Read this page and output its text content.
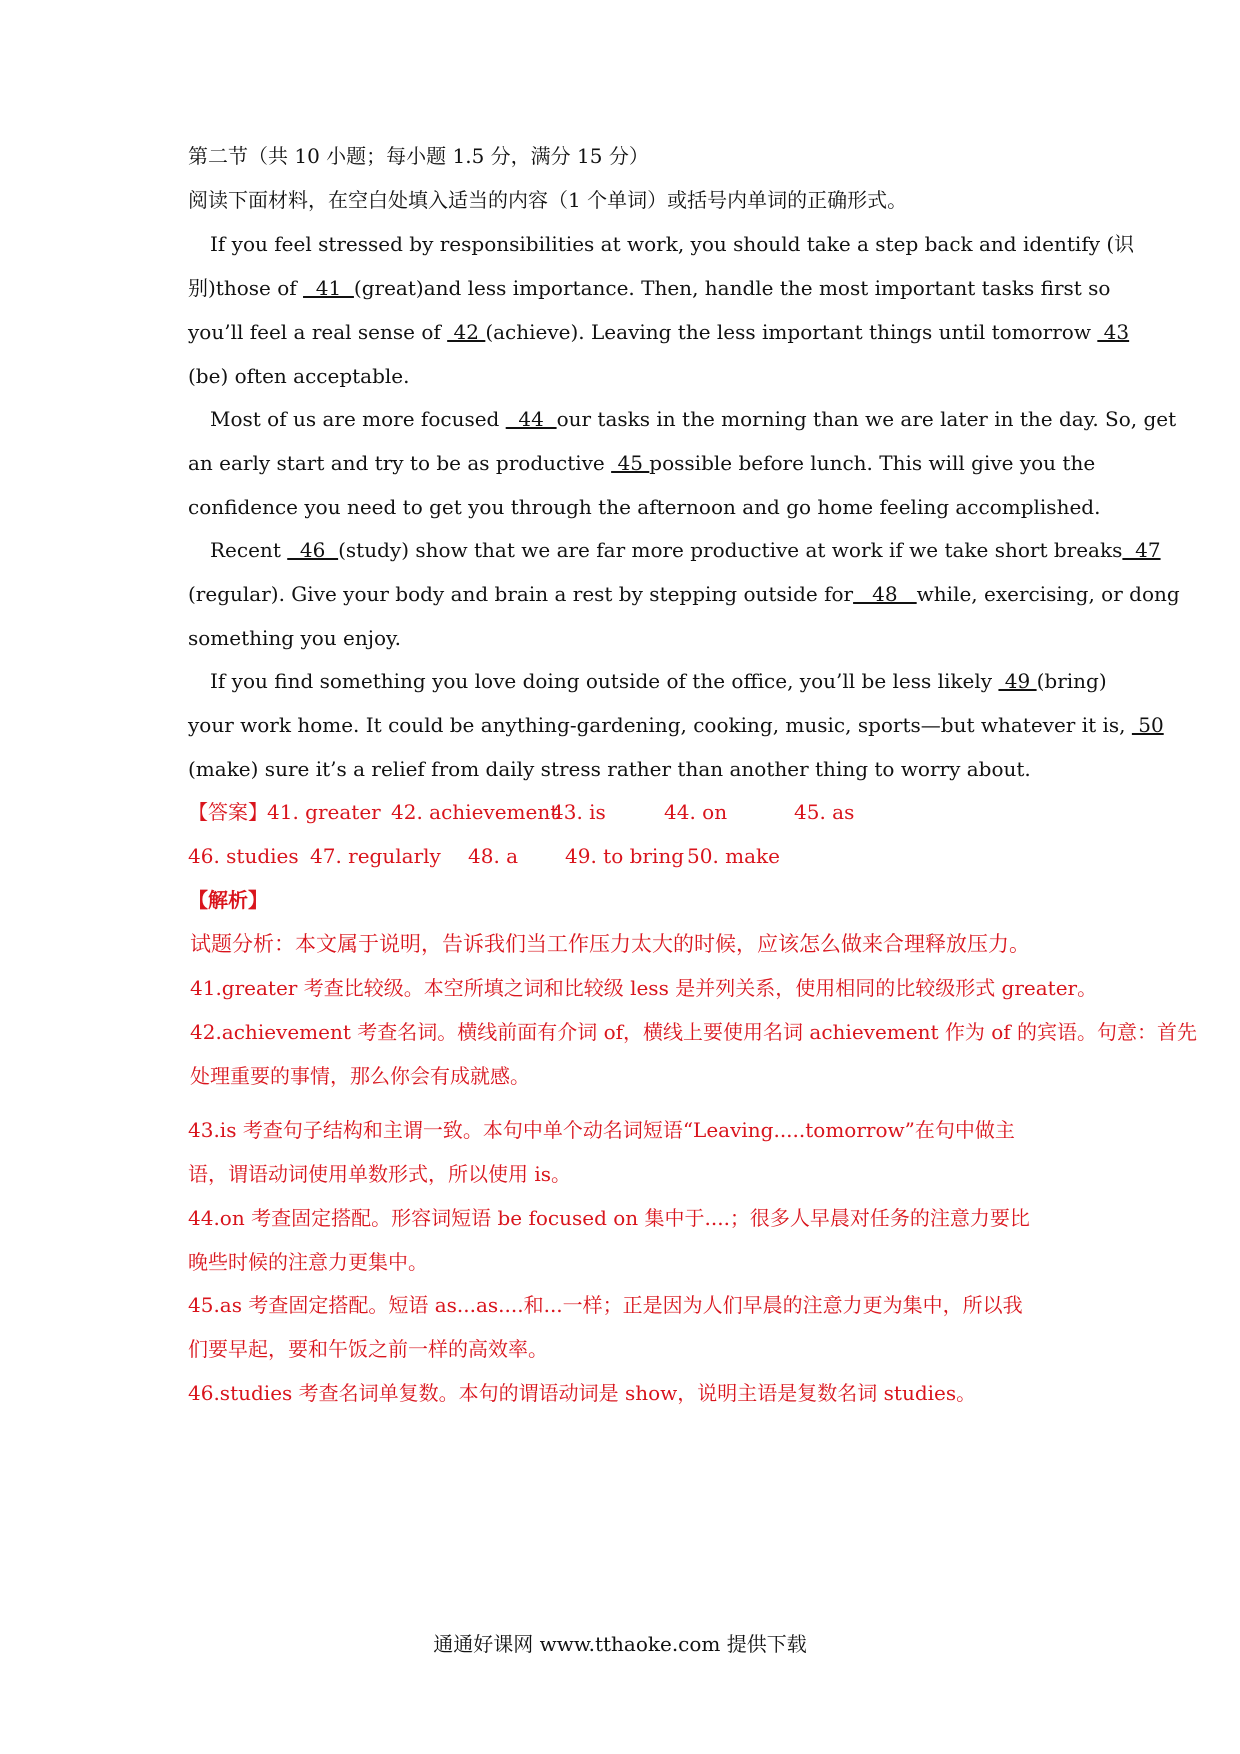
第二节（共 10 小题；每小题 1.5 分，满分 15 分）
阅读下面材料，在空白处填入适当的内容（1 个单词）或括号内单词的正确形式。
If you feel stressed by responsibilities at work, you should take a step back and identify (识
别)those of   41  (great)and less importance. Then, handle the most important tasks first so
you’ll feel a real sense of  42 (achieve). Leaving the less important things until tomorrow  43
(be) often acceptable.
Most of us are more focused   44  our tasks in the morning than we are later in the day. So, get
an early start and try to be as productive  45 possible before lunch. This will give you the
confidence you need to get you through the afternoon and go home feeling accomplished.
Recent   46  (study) show that we are far more productive at work if we take short breaks  47
(regular). Give your body and brain a rest by stepping outside for   48   while, exercising, or dong
something you enjoy.
If you find something you love doing outside of the office, you’ll be less likely  49 (bring)
your work home. It could be anything-gardening, cooking, music, sports—but whatever it is,  50
(make) sure it’s a relief from daily stress rather than another thing to worry about.
【答案】41. greater 42. achievement43. is	44. on	45. as
46. studies 47. regularly 48. a 49. to bring 50. make
【解析】
试题分析：本文属于说明，告诉我们当工作压力太大的时候，应该怎么做来合理释放压力。
41.greater 考查比较级。本空所填之词和比较级 less 是并列关系，使用相同的比较级形式 greater。
42.achievement 考查名词。横线前面有介词 of，横线上要使用名词 achievement 作为 of 的宾语。句意：首先
处理重要的事情，那么你会有成就感。
43.is 考查句子结构和主谓一致。本句中单个动名词短语“Leaving.....tomorrow”在句中做主
语，谓语动词使用单数形式，所以使用 is。
44.on 考查固定搭配。形容词短语 be focused on 集中于....；很多人早晨对任务的注意力要比
晚些时候的注意力更集中。
45.as 考查固定搭配。短语 as...as....和...一样；正是因为人们早晨的注意力更为集中，所以我
们要早起，要和午饭之前一样的高效率。
46.studies 考查名词单复数。本句的谓语动词是 show，说明主语是复数名词 studies。
通通好课网 www.tthaoke.com 提供下载
